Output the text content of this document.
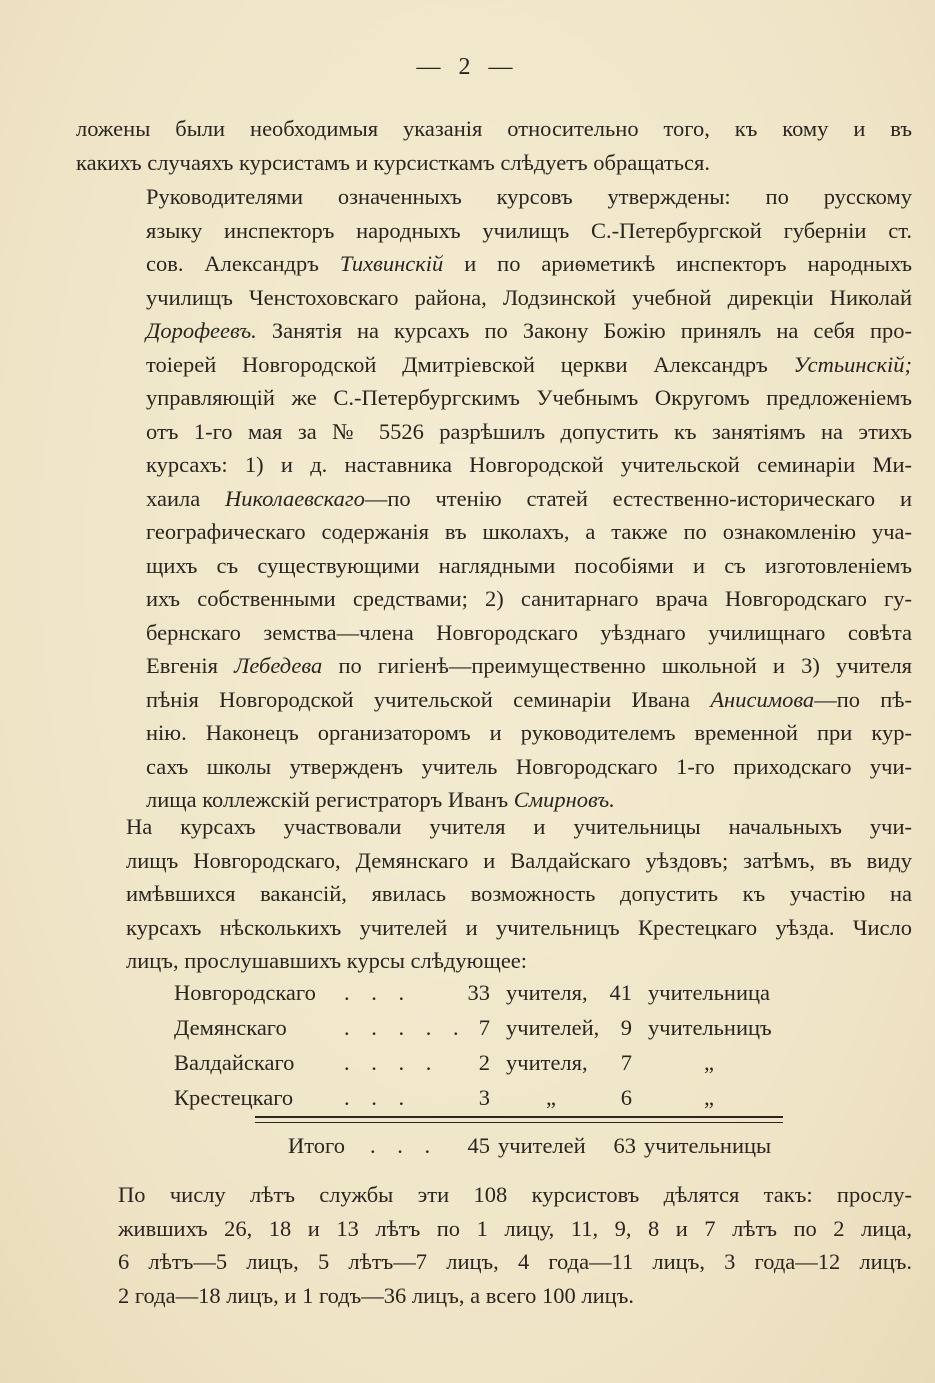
— 2 —
ложены были необходимыя указанія относительно того, къ кому и въ
какихъ случаяхъ курсистамъ и курсисткамъ слѣдуетъ обращаться.
Руководителями означенныхъ курсовъ утверждены: по русскому
языку инспекторъ народныхъ училищъ С.-Петербургской губерніи ст.
сов. Александръ Тихвинскій и по ариѳметикѣ инспекторъ народныхъ
училищъ Ченстоховскаго района, Лодзинской учебной дирекціи Николай
Дорофеевъ. Занятія на курсахъ по Закону Божію принялъ на себя про-
тоіерей Новгородской Дмитріевской церкви Александръ Устьинскій;
управляющій же С.-Петербургскимъ Учебнымъ Округомъ предложеніемъ
отъ 1-го мая за № 5526 разрѣшилъ допустить къ занятіямъ на этихъ
курсахъ: 1) и д. наставника Новгородской учительской семинаріи Ми-
хаила Николаевскаго—по чтенію статей естественно-историческаго и
географическаго содержанія въ школахъ, а также по ознакомленію уча-
щихъ съ существующими наглядными пособіями и съ изготовленіемъ
ихъ собственными средствами; 2) санитарнаго врача Новгородскаго гу-
бернскаго земства—члена Новгородскаго уѣзднаго училищнаго совѣта
Евгенія Лебедева по гигіенѣ—преимущественно школьной и 3) учителя
пѣнія Новгородской учительской семинаріи Ивана Анисимова—по пѣ-
нію. Наконецъ организаторомъ и руководителемъ временной при кур-
сахъ школы утвержденъ учитель Новгородскаго 1-го приходскаго учи-
лища коллежскій регистраторъ Иванъ Смирновъ.
На курсахъ участвовали учителя и учительницы начальныхъ учи-
лищъ Новгородскаго, Демянскаго и Валдайскаго уѣздовъ; затѣмъ, въ виду
имѣвшихся вакансій, явилась возможность допустить къ участію на
курсахъ нѣсколькихъ учителей и учительницъ Крестецкаго уѣзда. Число
лицъ, прослушавшихъ курсы слѣдующее:
Новгородскаго . . . 33 учителя, 41 учительница
Демянскаго	. . . . . 7 учителей, 9 учительницъ
Валдайскаго . . . .	2 учителя,	7	„
Крестецкаго . . .	3 „	6	„
Итого . . . 45 учителей 63 учительницы
По числу лѣтъ службы эти 108 курсистовъ дѣлятся такъ: прослу-
жившихъ 26, 18 и 13 лѣтъ по 1 лицу, 11, 9, 8 и 7 лѣтъ по 2 лица,
6 лѣтъ—5 лицъ, 5 лѣтъ—7 лицъ, 4 года—11 лицъ, 3 года—12 лицъ.
2 года—18 лицъ, и 1 годъ—36 лицъ, а всего 100 лицъ.
